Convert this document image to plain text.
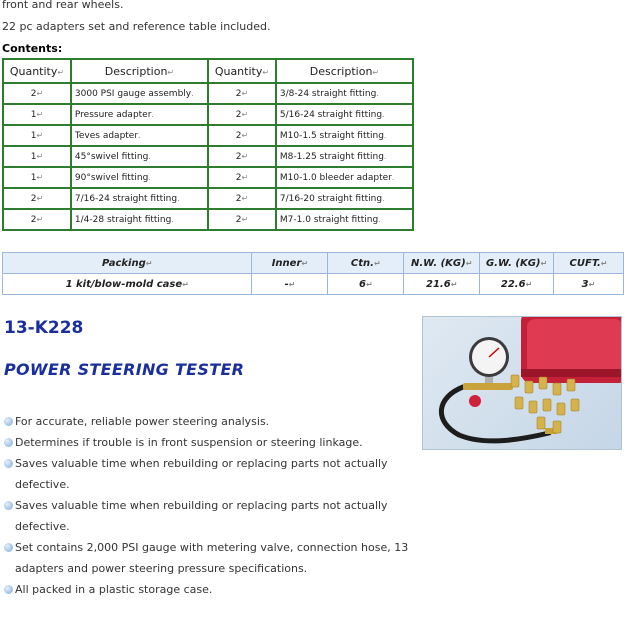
front and rear wheels.
22 pc adapters set and reference table included.
Contents:
Quantity↵	Description↵	Quantity↵	Description↵
2↵	3000 PSI gauge assembly.	2↵	3/8-24 straight fitting.
1↵	Pressure adapter.	2↵	5/16-24 straight fitting.
1↵	Teves adapter.	2↵	M10-1.5 straight fitting.
1↵	45°swivel fitting.	2↵	M8-1.25 straight fitting.
1↵	90°swivel fitting.	2↵	M10-1.0 bleeder adapter.
2↵	7/16-24 straight fitting.	2↵	7/16-20 straight fitting.
2↵	1/4-28 straight fitting.	2↵	M7-1.0 straight fitting.
Packing↵	Inner↵	Ctn.↵	N.W. (KG)↵	G.W. (KG)↵	CUFT.↵
1 kit/blow-mold case↵	-↵	6↵	21.6↵	22.6↵	3↵
13-K228
POWER STEERING TESTER
For accurate, reliable power steering analysis.
Determines if trouble is in front suspension or steering linkage.
Saves valuable time when rebuilding or replacing parts not actually defective.
Saves valuable time when rebuilding or replacing parts not actually defective.
Set contains 2,000 PSI gauge with metering valve, connection hose, 13 adapters and power steering pressure specifications.
All packed in a plastic storage case.
